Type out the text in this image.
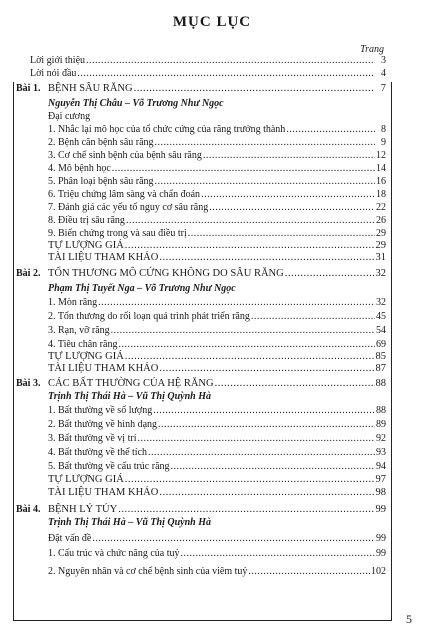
MỤC LỤC
Trang
Lời giới thiệu .....	3
Lời nói đầu .....	4
Bài 1. BỆNH SÂU RĂNG .....	7
Nguyễn Thị Châu – Võ Trương Như Ngọc
Đại cương
1. Nhắc lại mô học của tổ chức cứng của răng trưởng thành .....	8
2. Bệnh căn bệnh sâu răng .....	9
3. Cơ chế sinh bệnh của bệnh sâu răng .....	12
4. Mô bệnh học .....	14
5. Phân loại bệnh sâu răng .....	16
6. Triệu chứng lâm sàng và chẩn đoán .....	18
7. Đánh giá các yếu tố nguy cơ sâu răng .....	22
8. Điều trị sâu răng .....	26
9. Biến chứng trong và sau điều trị .....	29
TỰ LƯỢNG GIÁ .....	29
TÀI LIỆU THAM KHẢO .....	31
Bài 2. TỔN THƯƠNG MÔ CỨNG KHÔNG DO SÂU RĂNG .....	32
Phạm Thị Tuyết Nga – Võ Trương Như Ngọc
1. Mòn răng .....	32
2. Tổn thương do rối loạn quá trình phát triển răng .....	45
3. Rạn, vỡ răng .....	54
4. Tiêu chân răng .....	69
TỰ LƯỢNG GIÁ .....	85
TÀI LIỆU THAM KHẢO .....	87
Bài 3. CÁC BẤT THƯỜNG CỦA HỆ RĂNG .....	88
Trịnh Thị Thái Hà – Vũ Thị Quỳnh Hà
1. Bất thường về số lượng .....	88
2. Bất thường về hình dạng .....	89
3. Bất thường về vị trí .....	92
4. Bất thường về thể tích .....	93
5. Bất thường về cấu trúc răng .....	94
TỰ LƯỢNG GIÁ .....	97
TÀI LIỆU THAM KHẢO .....	98
Bài 4. BỆNH LÝ TỦY .....	99
Trịnh Thị Thái Hà – Vũ Thị Quỳnh Hà
Đặt vấn đề .....	99
1. Cấu trúc và chức năng của tuỷ .....	99
2. Nguyên nhân và cơ chế bệnh sinh của viêm tuỷ .....	102
5
